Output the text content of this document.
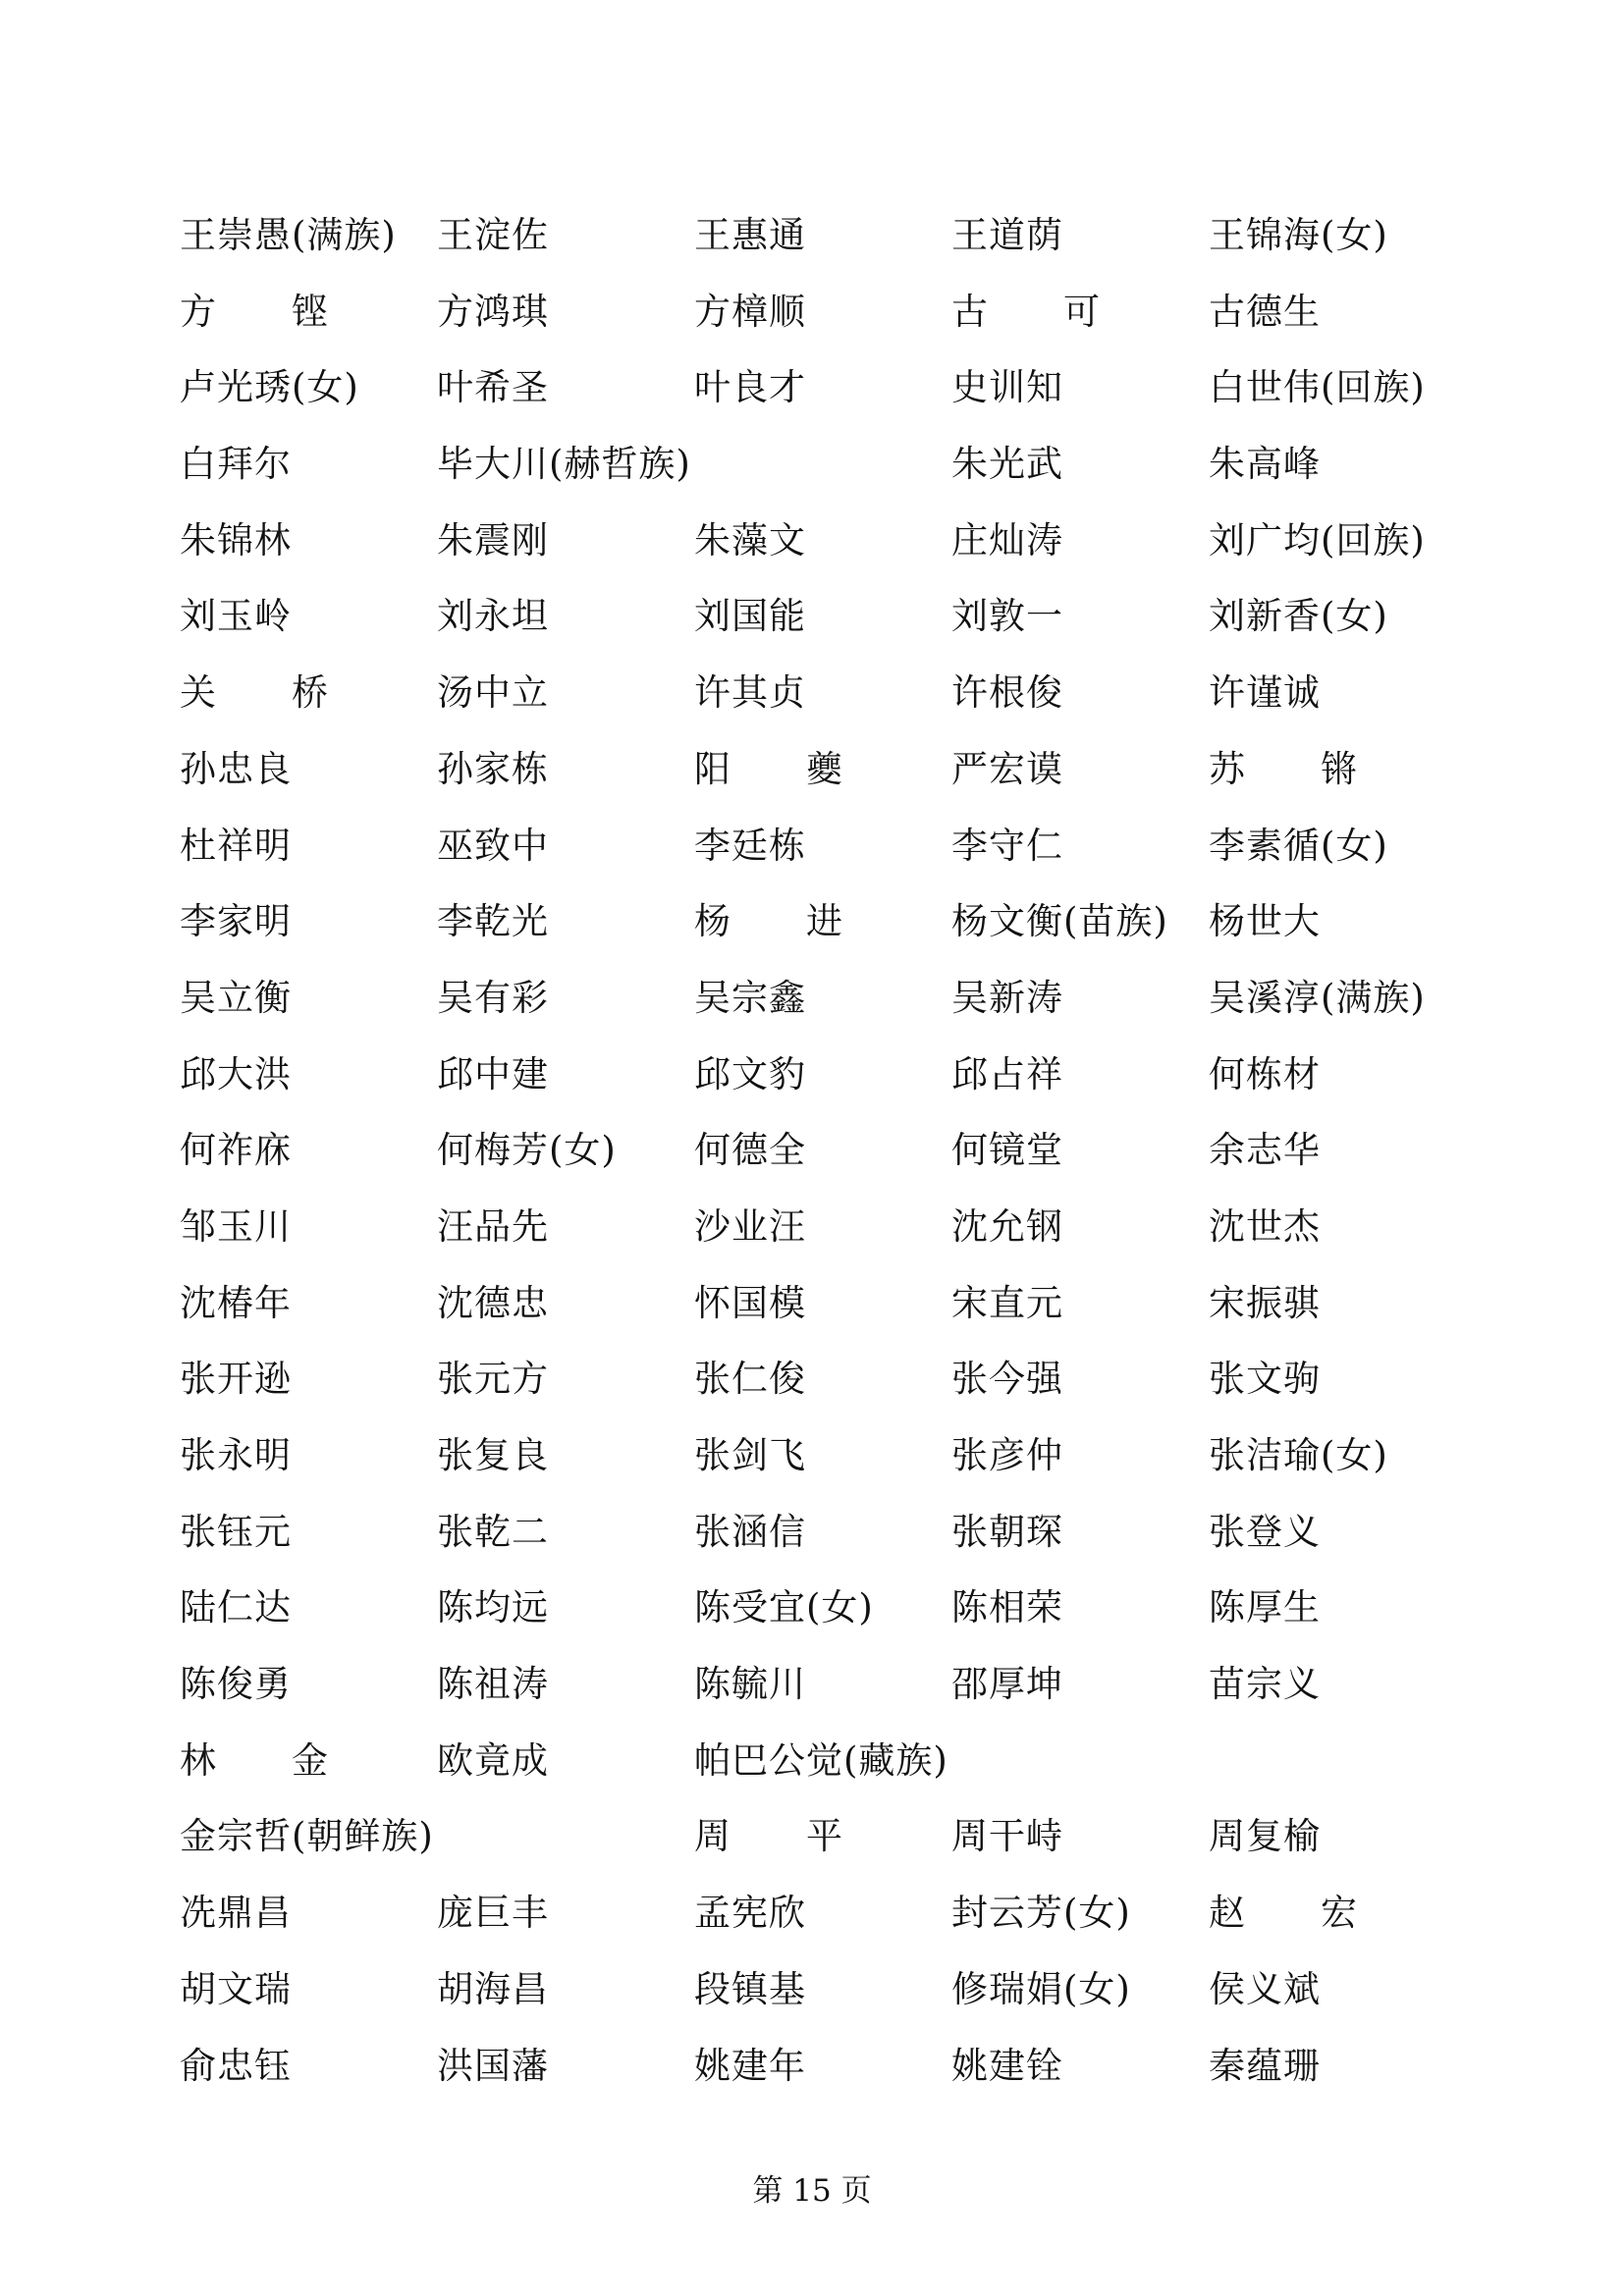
王崇愚(满族) 王淀佐	王惠通	王道荫	王锦海(女)
方　　铿	方鸿琪	方樟顺	古　　可	古德生
卢光琇(女) 叶希圣	叶良才	史训知	白世伟(回族)
白拜尔	毕大川(赫哲族)	朱光武	朱高峰
朱锦林	朱震刚	朱藻文	庄灿涛	刘广均(回族)
刘玉岭	刘永坦	刘国能	刘敦一	刘新香(女)
关　　桥	汤中立	许其贞	许根俊	许谨诚
孙忠良	孙家栋	阳　　夔	严宏谟	苏　　锵
杜祥明	巫致中	李廷栋	李守仁	李素循(女)
李家明	李乾光	杨　　进	杨文衡(苗族) 杨世大
吴立衡	吴有彩	吴宗鑫	吴新涛	吴溪淳(满族)
邱大洪	邱中建	邱文豹	邱占祥	何栋材
何祚庥	何梅芳(女) 何德全	何镜堂	余志华
邹玉川	汪品先	沙业汪	沈允钢	沈世杰
沈椿年	沈德忠	怀国模	宋直元	宋振骐
张开逊	张元方	张仁俊	张今强	张文驹
张永明	张复良	张剑飞	张彦仲	张洁瑜(女)
张钰元	张乾二	张涵信	张朝琛	张登义
陆仁达	陈均远	陈受宜(女) 陈相荣	陈厚生
陈俊勇	陈祖涛	陈毓川	邵厚坤	苗宗义
林　　金	欧竟成	帕巴公觉(藏族)
金宗哲(朝鲜族)	周　　平	周干峙	周复榆
冼鼎昌	庞巨丰	孟宪欣	封云芳(女) 赵　　宏
胡文瑞	胡海昌	段镇基	修瑞娟(女) 侯义斌
俞忠钰	洪国藩	姚建年	姚建铨	秦蕴珊
第 15 页
